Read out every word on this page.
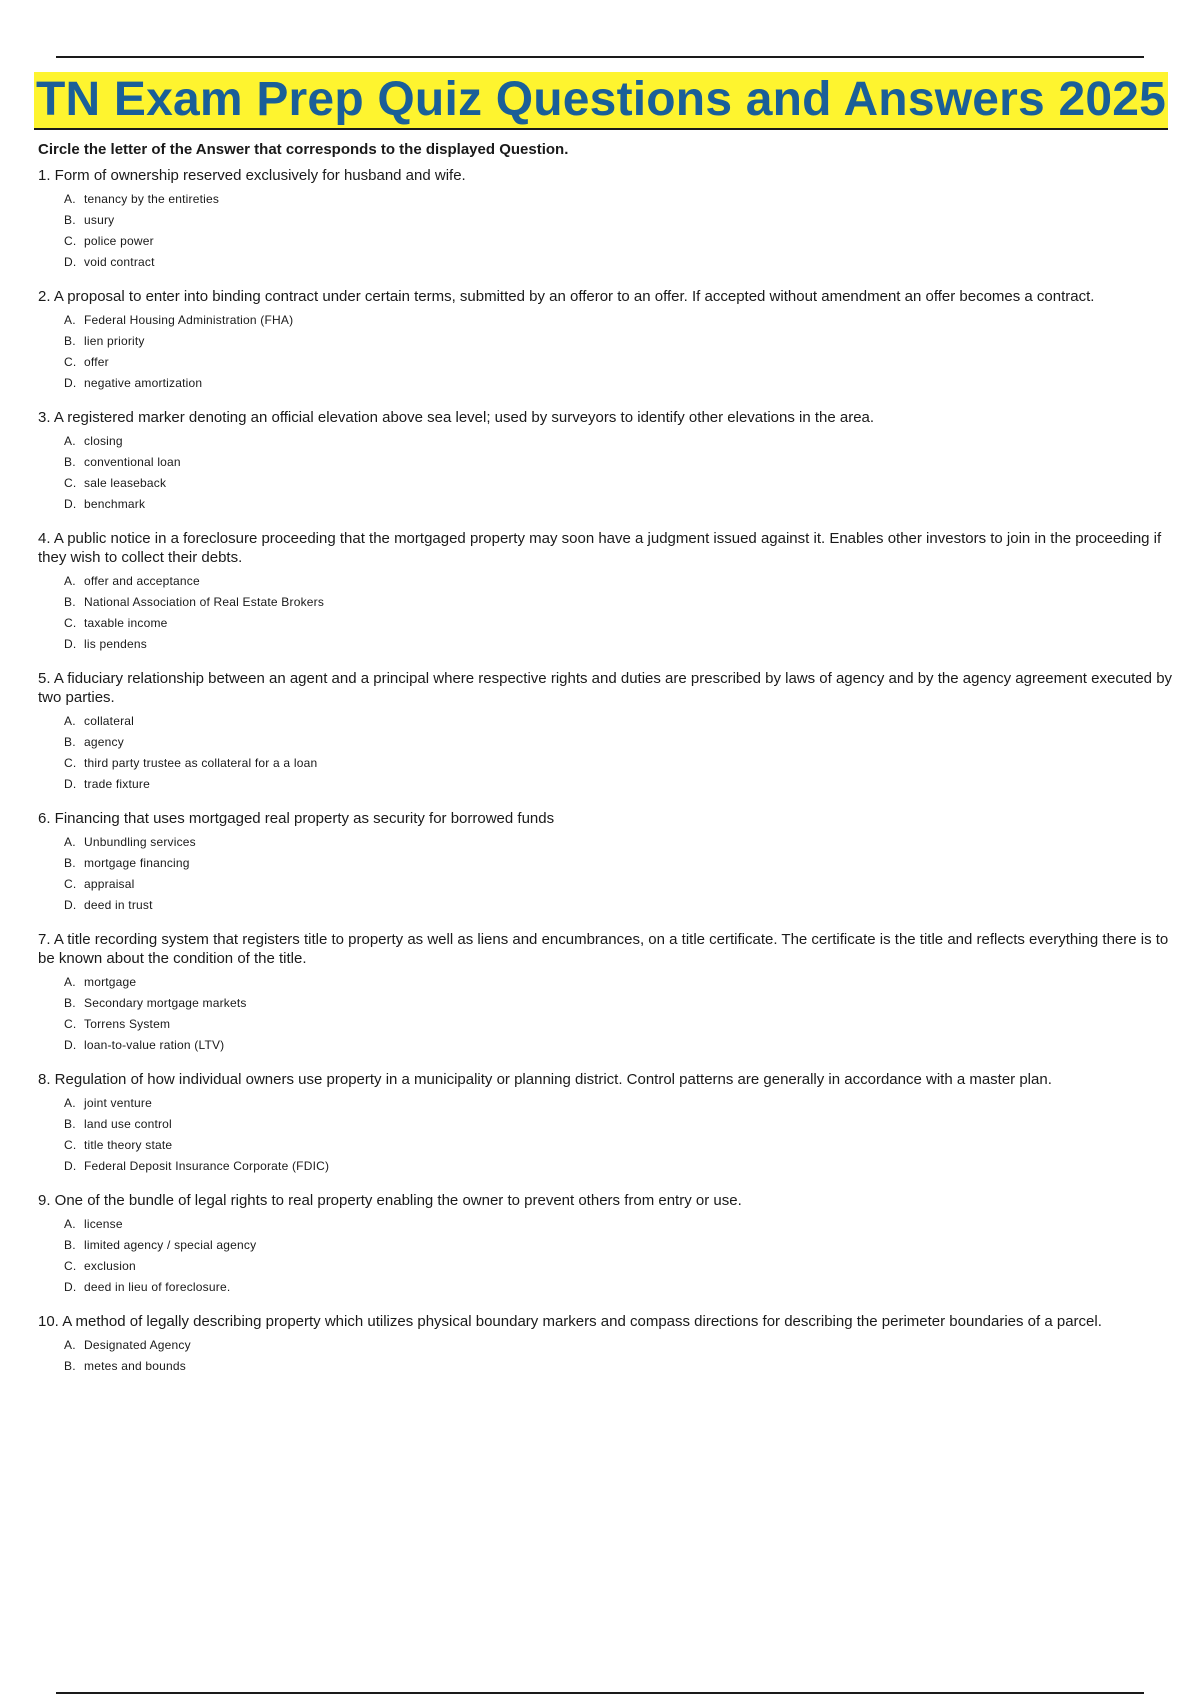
TN Exam Prep Quiz Questions and Answers 2025

Circle the letter of the Answer that corresponds to the displayed Question.

1. Form of ownership reserved exclusively for husband and wife.

A. tenancy by the entireties
B. usury
C. police power
D. void contract

2. A proposal to enter into binding contract under certain terms, submitted by an offeror to an offer. If accepted without amendment an offer becomes a contract.

A. Federal Housing Administration (FHA)
B. lien priority
C. offer
D. negative amortization

3. A registered marker denoting an official elevation above sea level; used by surveyors to identify other elevations in the area.

A. closing
B. conventional loan
C. sale leaseback
D. benchmark

4. A public notice in a foreclosure proceeding that the mortgaged property may soon have a judgment issued against it. Enables other investors to join in the proceeding if they wish to collect their debts.

A. offer and acceptance
B. National Association of Real Estate Brokers
C. taxable income
D. lis pendens

5. A fiduciary relationship between an agent and a principal where respective rights and duties are prescribed by laws of agency and by the agency agreement executed by two parties.

A. collateral
B. agency
C. third party trustee as collateral for a a loan
D. trade fixture

6. Financing that uses mortgaged real property as security for borrowed funds

A. Unbundling services
B. mortgage financing
C. appraisal
D. deed in trust

7. A title recording system that registers title to property as well as liens and encumbrances, on a title certificate. The certificate is the title and reflects everything there is to be known about the condition of the title.

A. mortgage
B. Secondary mortgage markets
C. Torrens System
D. loan-to-value ration (LTV)

8. Regulation of how individual owners use property in a municipality or planning district. Control patterns are generally in accordance with a master plan.

A. joint venture
B. land use control
C. title theory state
D. Federal Deposit Insurance Corporate (FDIC)

9. One of the bundle of legal rights to real property enabling the owner to prevent others from entry or use.

A. license
B. limited agency / special agency
C. exclusion
D. deed in lieu of foreclosure.

10. A method of legally describing property which utilizes physical boundary markers and compass directions for describing the perimeter boundaries of a parcel.

A. Designated Agency
B. metes and bounds
